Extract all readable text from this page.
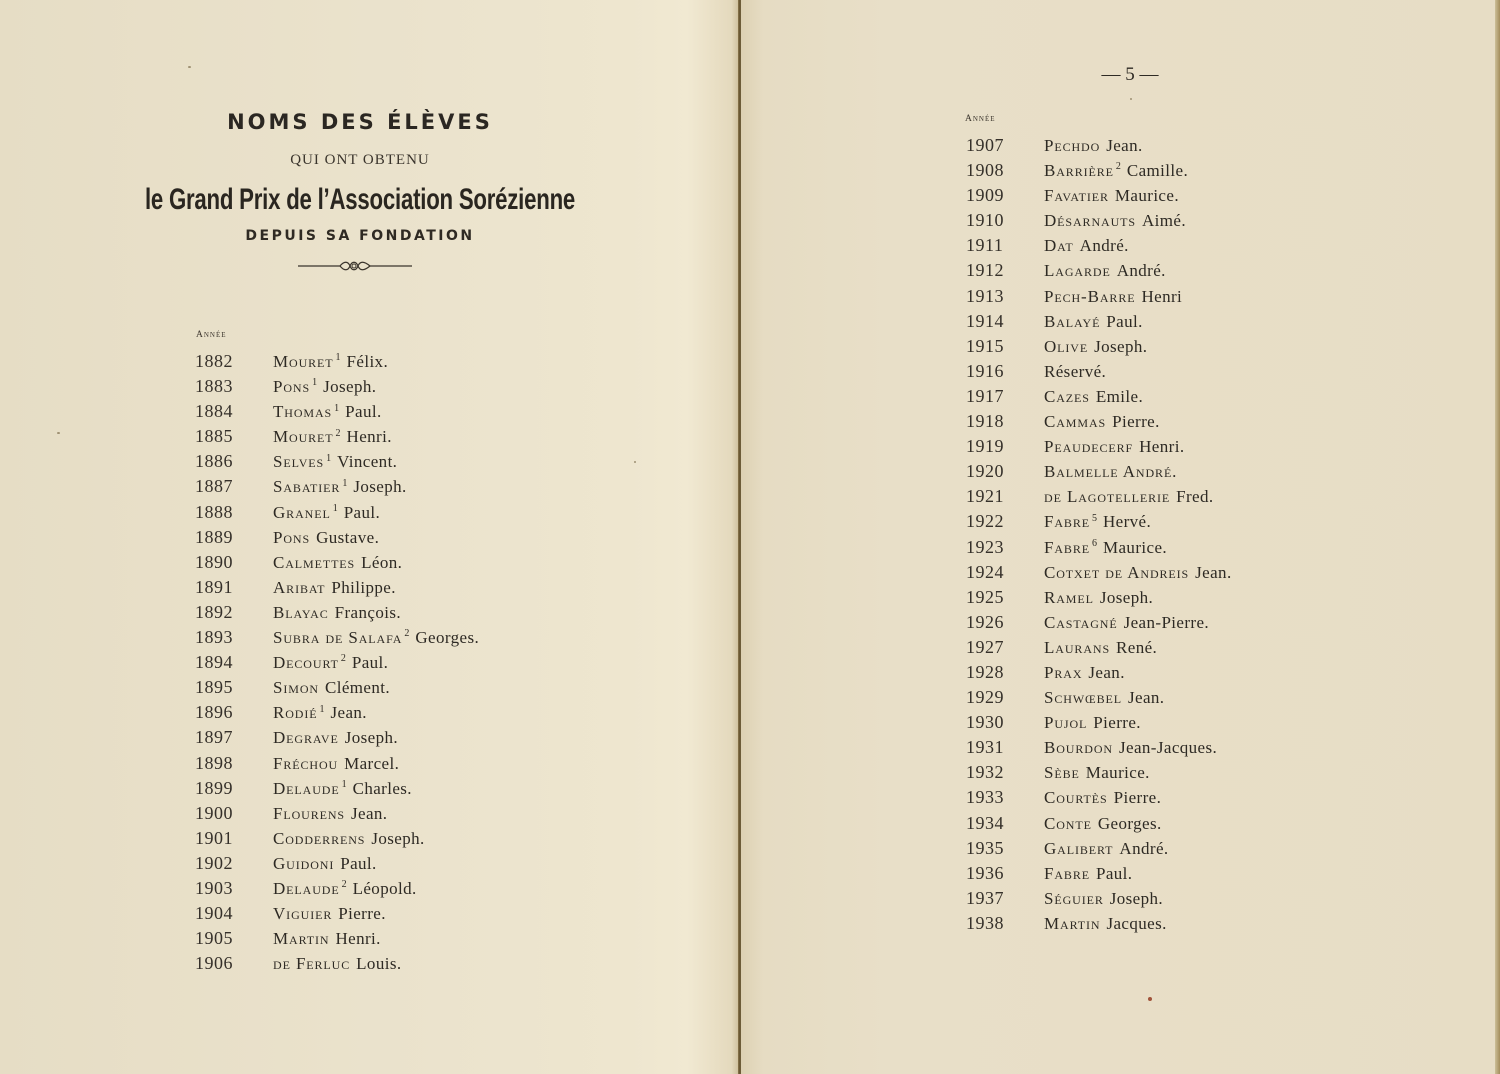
NOMS DES ÉLÈVES
QUI ONT OBTENU
le Grand Prix de l’Association Sorézienne
DEPUIS SA FONDATION
Année
1882	Mouret $^1$ Félix.
1883	Pons $^1$ Joseph.
1884	Thomas $^1$ Paul.
1885	Mouret $^2$ Henri.
1886	Selves $^1$ Vincent.
1887	Sabatier $^1$ Joseph.
1888	Granel $^1$ Paul.
1889	Pons Gustave.
1890	Calmettes Léon.
1891	Aribat Philippe.
1892	Blayac François.
1893	Subra de Salafa $^2$ Georges.
1894	Decourt $^2$ Paul.
1895	Simon Clément.
1896	Rodié $^1$ Jean.
1897	Degrave Joseph.
1898	Fréchou Marcel.
1899	Delaude $^1$ Charles.
1900	Flourens Jean.
1901	Codderrens Joseph.
1902	Guidoni Paul.
1903	Delaude $^2$ Léopold.
1904	Viguier Pierre.
1905	Martin Henri.
1906	de Ferluc Louis.
— 5 —
Année
1907	Pechdo Jean.
1908	Barrière $^2$ Camille.
1909	Favatier Maurice.
1910	Désarnauts Aimé.
1911	Dat André.
1912	Lagarde André.
1913	Pech-Barre Henri
1914	Balayé Paul.
1915	Olive Joseph.
1916	Réservé.
1917	Cazes Emile.
1918	Cammas Pierre.
1919	Peaudecerf Henri.
1920	Balmelle André.
1921	de Lagotellerie Fred.
1922	Fabre $^5$ Hervé.
1923	Fabre $^6$ Maurice.
1924	Cotxet de Andreis Jean.
1925	Ramel Joseph.
1926	Castagné Jean-Pierre.
1927	Laurans René.
1928	Prax Jean.
1929	Schwœbel Jean.
1930	Pujol Pierre.
1931	Bourdon Jean-Jacques.
1932	Sèbe Maurice.
1933	Courtès Pierre.
1934	Conte Georges.
1935	Galibert André.
1936	Fabre Paul.
1937	Séguier Joseph.
1938	Martin Jacques.
